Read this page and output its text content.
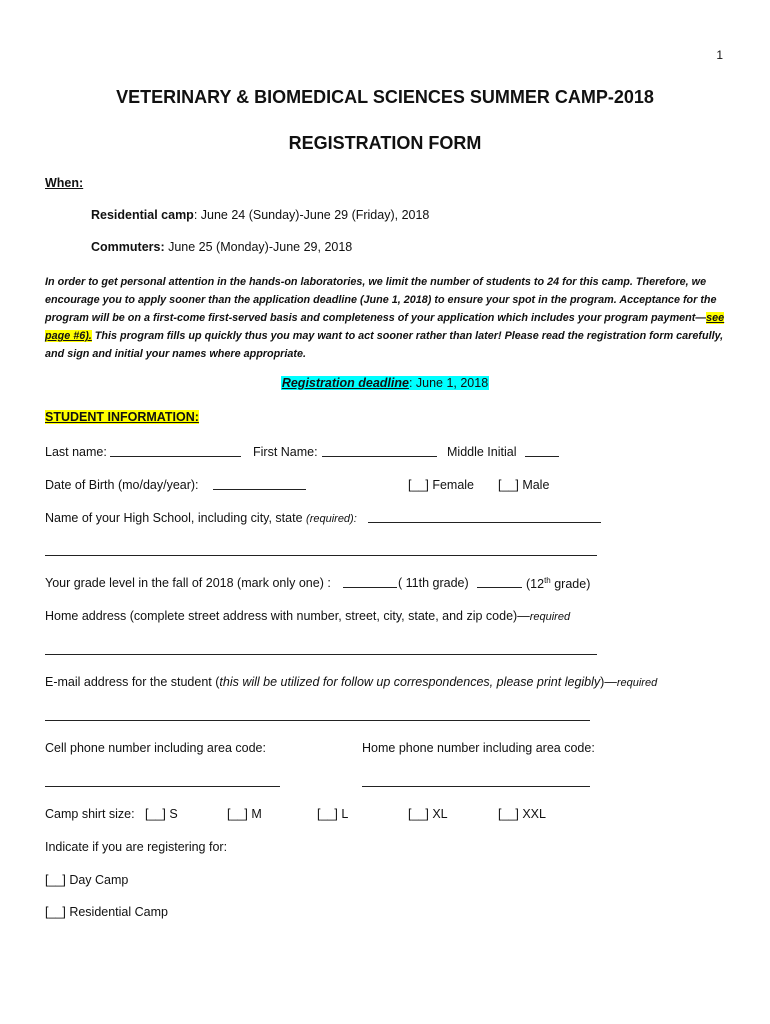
1
VETERINARY & BIOMEDICAL SCIENCES SUMMER CAMP-2018
REGISTRATION FORM
When:
Residential camp: June 24 (Sunday)-June 29 (Friday), 2018
Commuters: June 25 (Monday)-June 29, 2018
In order to get personal attention in the hands-on laboratories, we limit the number of students to 24 for this camp. Therefore, we encourage you to apply sooner than the application deadline (June 1, 2018) to ensure your spot in the program. Acceptance for the program will be on a first-come first-served basis and completeness of your application which includes your program payment—see page #6). This program fills up quickly thus you may want to act sooner rather than later! Please read the registration form carefully, and sign and initial your names where appropriate.
Registration deadline: June 1, 2018
STUDENT INFORMATION:
Last name:	First Name:	Middle Initial
Date of Birth (mo/day/year):	[__] Female [__] Male
Name of your High School, including city, state (required):
Your grade level in the fall of 2018 (mark only one) :	( 11th grade)	(12th grade)
Home address (complete street address with number, street, city, state, and zip code)—required
E-mail address for the student (this will be utilized for follow up correspondences, please print legibly)—required
Cell phone number including area code:	Home phone number including area code:
Camp shirt size: [__] S	[__] M	[__] L	[__] XL	[__] XXL
Indicate if you are registering for:
[__] Day Camp
[__] Residential Camp
